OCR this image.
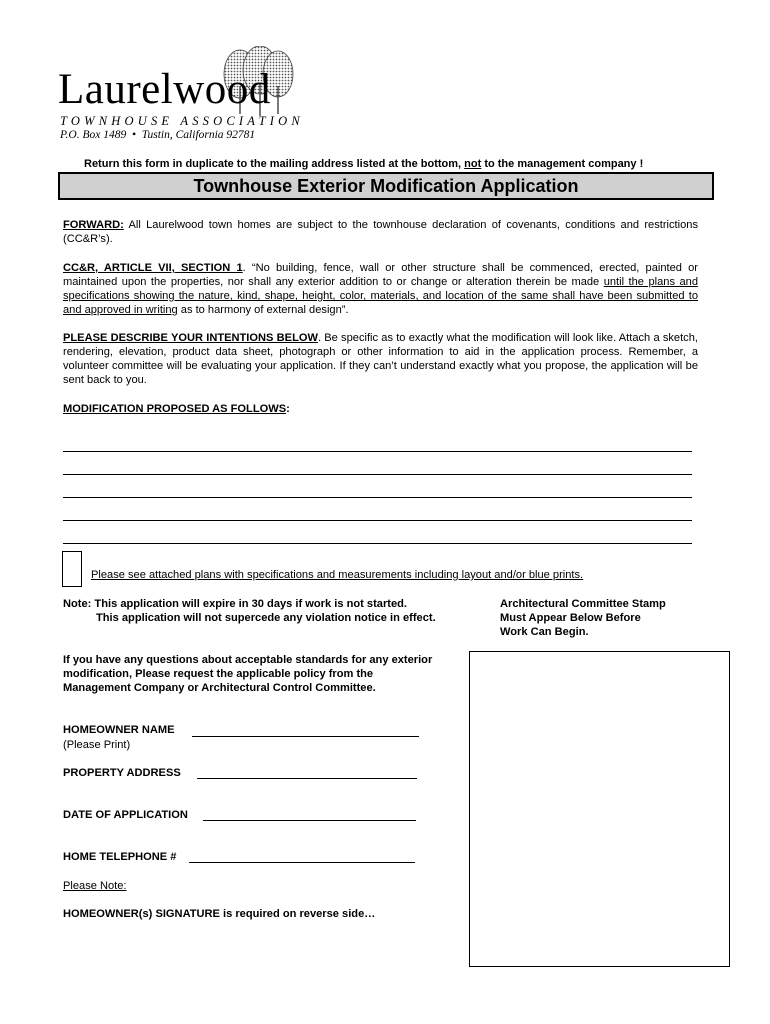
Laurelwood
TOWNHOUSE ASSOCIATION
P.O. Box 1489  •  Tustin, California 92781
Return this form in duplicate to the mailing address listed at the bottom, not to the management company !
Townhouse Exterior Modification Application
FORWARD: All Laurelwood town homes are subject to the townhouse declaration of covenants, conditions and restrictions (CC&R’s).
CC&R, ARTICLE VII, SECTION 1. “No building, fence, wall or other structure shall be commenced, erected, painted or maintained upon the properties, nor shall any exterior addition to or change or alteration therein be made until the plans and specifications showing the nature, kind, shape, height, color, materials, and location of the same shall have been submitted to and approved in writing as to harmony of external design”.
PLEASE DESCRIBE YOUR INTENTIONS BELOW. Be specific as to exactly what the modification will look like. Attach a sketch, rendering, elevation, product data sheet, photograph or other information to aid in the application process. Remember, a volunteer committee will be evaluating your application. If they can’t understand exactly what you propose, the application will be sent back to you.
MODIFICATION PROPOSED AS FOLLOWS:
Please see attached plans with specifications and measurements including layout and/or blue prints.
Note: This application will expire in 30 days if work is not started.
This application will not supercede any violation notice in effect.
Architectural Committee Stamp
Must Appear Below Before
Work Can Begin.
If you have any questions about acceptable standards for any exterior modification, Please request the applicable policy from the Management Company or Architectural Control Committee.
HOMEOWNER NAME
(Please Print)
PROPERTY ADDRESS
DATE OF APPLICATION
HOME TELEPHONE #
Please Note:
HOMEOWNER(s) SIGNATURE is required on reverse side…
